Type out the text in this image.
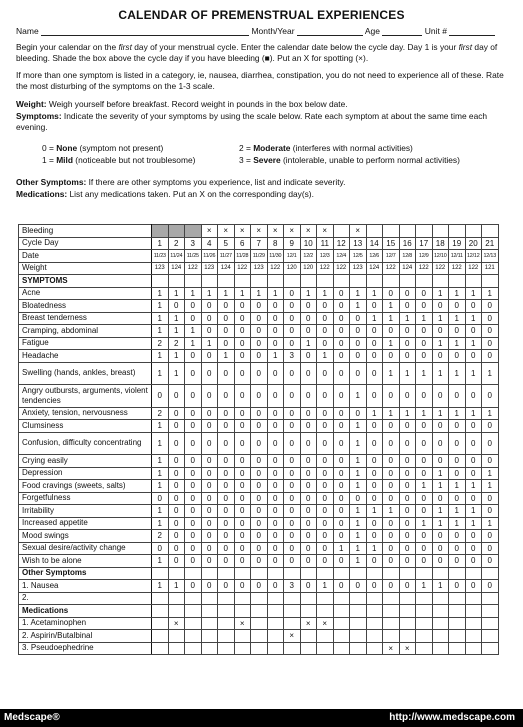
CALENDAR OF PREMENSTRUAL EXPERIENCES
Name	Month/Year	Age	Unit #
Begin your calendar on the first day of your menstrual cycle. Enter the calendar date below the cycle day. Day 1 is your first day of bleeding. Shade the box above the cycle day if you have bleeding (■). Put an X for spotting (×).
If more than one symptom is listed in a category, ie, nausea, diarrhea, constipation, you do not need to experience all of these. Rate the most disturbing of the symptoms on the 1-3 scale.
Weight: Weigh yourself before breakfast. Record weight in pounds in the box below date.
Symptoms: Indicate the severity of your symptoms by using the scale below. Rate each symptom at about the same time each evening.
0 = None (symptom not present)	2 = Moderate (interferes with normal activities)
1 = Mild (noticeable but not troublesome)	3 = Severe (intolerable, unable to perform normal activities)
Other Symptoms: If there are other symptoms you experience, list and indicate severity.
Medications: List any medications taken. Put an X on the corresponding day(s).
Bleeding				×	×	×	×	×	×	×	×		×								
Cycle Day	1	2	3	4	5	6	7	8	9	10	11	12	13	14	15	16	17	18	19	20	21
Date	11/23	11/24	11/25	11/26	11/27	11/28	11/29	11/30	12/1	12/2	12/3	12/4	12/5	12/6	12/7	12/8	12/9	12/10	12/11	12/12	12/13
Weight	123	124	122	123	124	122	123	122	120	120	122	122	123	124	122	124	122	122	122	122	121
SYMPTOMS																					
Acne	1	1	1	1	1	1	1	1	0	1	1	0	1	1	0	0	0	1	1	1	1
Bloatedness	1	0	0	0	0	0	0	0	0	0	0	0	1	0	1	0	0	0	0	0	0
Breast tenderness	1	1	0	0	0	0	0	0	0	0	0	0	0	1	1	1	1	1	1	1	0
Cramping, abdominal	1	1	1	0	0	0	0	0	0	0	0	0	0	0	0	0	0	0	0	0	0
Fatigue	2	2	1	1	0	0	0	0	0	1	0	0	0	0	1	0	0	1	1	1	0
Headache	1	1	0	0	1	0	0	1	3	0	1	0	0	0	0	0	0	0	0	0	0
Swelling (hands, ankles, breast)	1	1	0	0	0	0	0	0	0	0	0	0	0	0	1	1	1	1	1	1	1
Angry outbursts, arguments, violent tendencies	0	0	0	0	0	0	0	0	0	0	0	0	1	0	0	0	0	0	0	0	0
Anxiety, tension, nervousness	2	0	0	0	0	0	0	0	0	0	0	0	0	1	1	1	1	1	1	1	1
Clumsiness	1	0	0	0	0	0	0	0	0	0	0	0	1	0	0	0	0	0	0	0	0
Confusion, difficulty concentrating	1	0	0	0	0	0	0	0	0	0	0	0	1	0	0	0	0	0	0	0	0
Crying easily	1	0	0	0	0	0	0	0	0	0	0	0	1	0	0	0	0	0	0	0	0
Depression	1	0	0	0	0	0	0	0	0	0	0	0	1	0	0	0	0	1	0	0	1
Food cravings (sweets, salts)	1	0	0	0	0	0	0	0	0	0	0	0	1	0	0	0	1	1	1	1	1
Forgetfulness	0	0	0	0	0	0	0	0	0	0	0	0	0	0	0	0	0	0	0	0	0
Irritability	1	0	0	0	0	0	0	0	0	0	0	0	1	1	1	0	0	1	1	1	0
Increased appetite	1	0	0	0	0	0	0	0	0	0	0	0	1	0	0	0	1	1	1	1	1
Mood swings	2	0	0	0	0	0	0	0	0	0	0	0	1	0	0	0	0	0	0	0	0
Sexual desire/activity change	0	0	0	0	0	0	0	0	0	0	0	1	1	1	0	0	0	0	0	0	0
Wish to be alone	1	0	0	0	0	0	0	0	0	0	0	0	1	0	0	0	0	0	0	0	0
Other Symptoms																					
1. Nausea	1	1	0	0	0	0	0	0	3	0	1	0	0	0	0	0	1	1	0	0	0
2.																					
Medications																					
1. Acetaminophen		×				×				×	×										
2. Aspirin/Butalbinal									×												
3. Pseudoephedrine															×	×					
Medscape®	http://www.medscape.com
